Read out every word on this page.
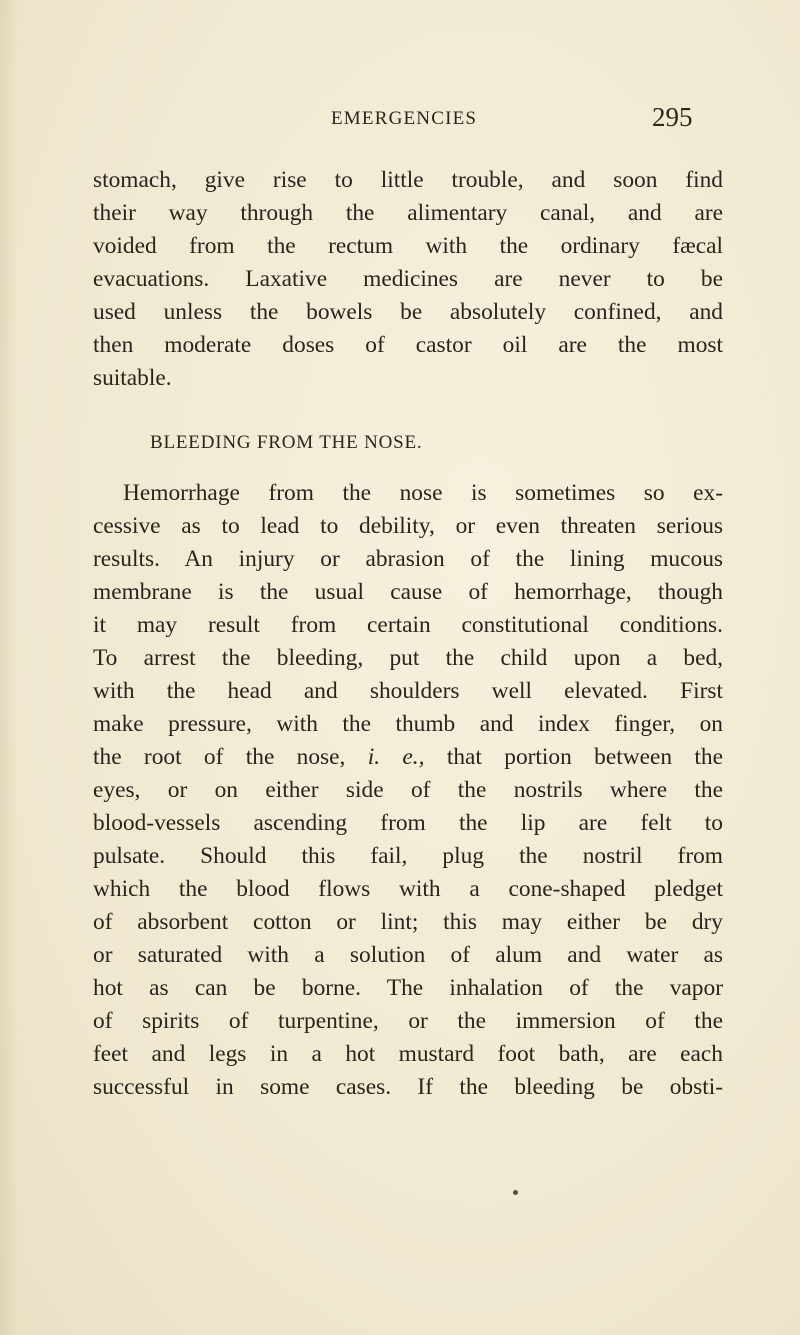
EMERGENCIES	295
stomach, give rise to little trouble, and soon find
their way through the alimentary canal, and are
voided from the rectum with the ordinary fæcal
evacuations. Laxative medicines are never to be
used unless the bowels be absolutely confined, and
then moderate doses of castor oil are the most
suitable.
BLEEDING FROM THE NOSE.
Hemorrhage from the nose is sometimes so ex-
cessive as to lead to debility, or even threaten serious
results. An injury or abrasion of the lining mucous
membrane is the usual cause of hemorrhage, though
it may result from certain constitutional conditions.
To arrest the bleeding, put the child upon a bed,
with the head and shoulders well elevated. First
make pressure, with the thumb and index finger, on
the root of the nose, i. e., that portion between the
eyes, or on either side of the nostrils where the
blood-vessels ascending from the lip are felt to
pulsate. Should this fail, plug the nostril from
which the blood flows with a cone-shaped pledget
of absorbent cotton or lint; this may either be dry
or saturated with a solution of alum and water as
hot as can be borne. The inhalation of the vapor
of spirits of turpentine, or the immersion of the
feet and legs in a hot mustard foot bath, are each
successful in some cases. If the bleeding be obsti-
